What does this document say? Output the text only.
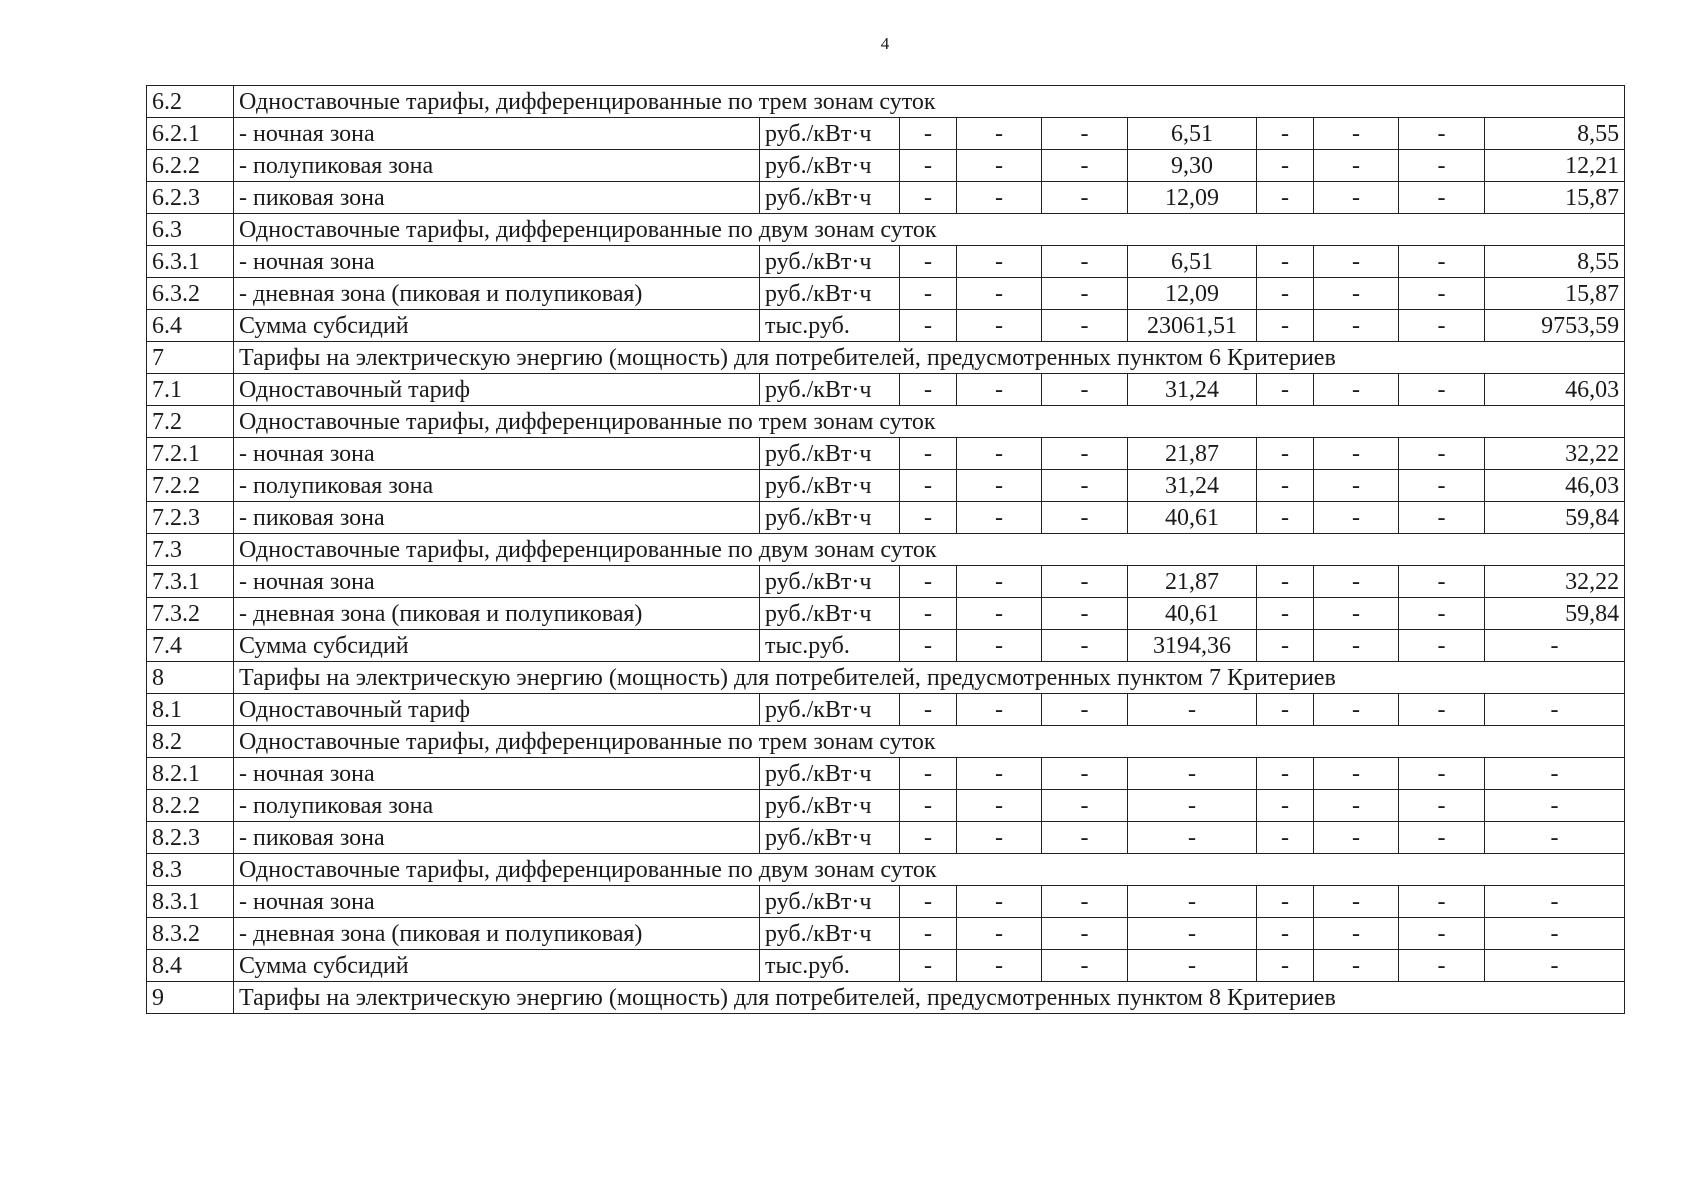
4
6.2	Одноставочные тарифы, дифференцированные по трем зонам суток									
6.2.1	- ночная зона	руб./кВт·ч	-	-	-	6,51	-	-	-	8,55
6.2.2	- полупиковая зона	руб./кВт·ч	-	-	-	9,30	-	-	-	12,21
6.2.3	- пиковая зона	руб./кВт·ч	-	-	-	12,09	-	-	-	15,87
6.3	Одноставочные тарифы, дифференцированные по двум зонам суток									
6.3.1	- ночная зона	руб./кВт·ч	-	-	-	6,51	-	-	-	8,55
6.3.2	- дневная зона (пиковая и полупиковая)	руб./кВт·ч	-	-	-	12,09	-	-	-	15,87
6.4	Сумма субсидий	тыс.руб.	-	-	-	23061,51	-	-	-	9753,59
7	Тарифы на электрическую энергию (мощность) для потребителей, предусмотренных пунктом 6 Критериев									
7.1	Одноставочный тариф	руб./кВт·ч	-	-	-	31,24	-	-	-	46,03
7.2	Одноставочные тарифы, дифференцированные по трем зонам суток									
7.2.1	- ночная зона	руб./кВт·ч	-	-	-	21,87	-	-	-	32,22
7.2.2	- полупиковая зона	руб./кВт·ч	-	-	-	31,24	-	-	-	46,03
7.2.3	- пиковая зона	руб./кВт·ч	-	-	-	40,61	-	-	-	59,84
7.3	Одноставочные тарифы, дифференцированные по двум зонам суток									
7.3.1	- ночная зона	руб./кВт·ч	-	-	-	21,87	-	-	-	32,22
7.3.2	- дневная зона (пиковая и полупиковая)	руб./кВт·ч	-	-	-	40,61	-	-	-	59,84
7.4	Сумма субсидий	тыс.руб.	-	-	-	3194,36	-	-	-	-
8	Тарифы на электрическую энергию (мощность) для потребителей, предусмотренных пунктом 7 Критериев									
8.1	Одноставочный тариф	руб./кВт·ч	-	-	-	-	-	-	-	-
8.2	Одноставочные тарифы, дифференцированные по трем зонам суток									
8.2.1	- ночная зона	руб./кВт·ч	-	-	-	-	-	-	-	-
8.2.2	- полупиковая зона	руб./кВт·ч	-	-	-	-	-	-	-	-
8.2.3	- пиковая зона	руб./кВт·ч	-	-	-	-	-	-	-	-
8.3	Одноставочные тарифы, дифференцированные по двум зонам суток									
8.3.1	- ночная зона	руб./кВт·ч	-	-	-	-	-	-	-	-
8.3.2	- дневная зона (пиковая и полупиковая)	руб./кВт·ч	-	-	-	-	-	-	-	-
8.4	Сумма субсидий	тыс.руб.	-	-	-	-	-	-	-	-
9	Тарифы на электрическую энергию (мощность) для потребителей, предусмотренных пунктом 8 Критериев									
